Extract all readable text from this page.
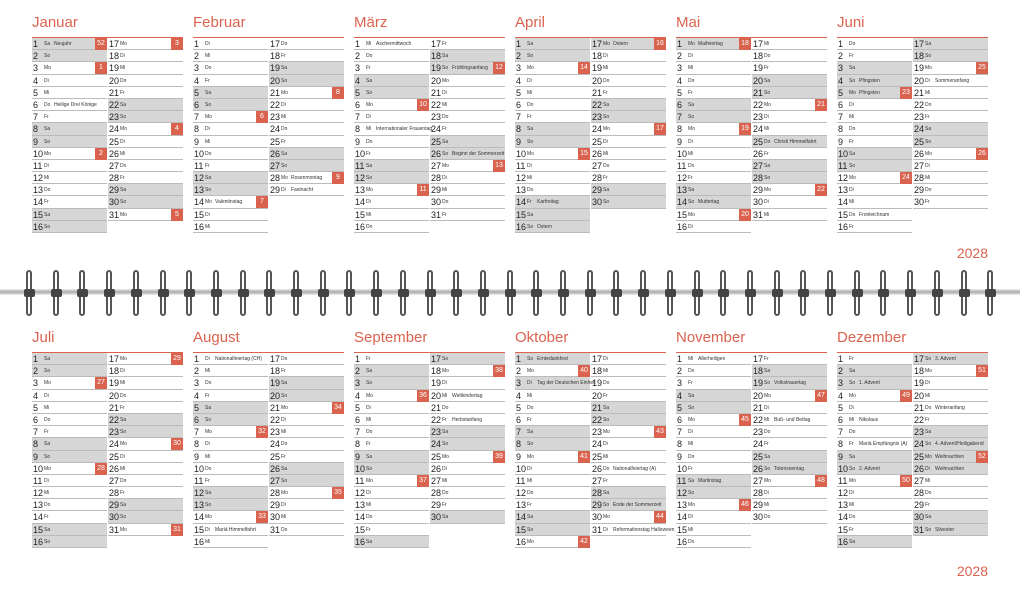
Januar
1 Sa Neujahr	52
2 So
3 Mo	1
4 Di
5 Mi
6 Do Heilige Drei Könige
7 Fr
8 Sa
9 So
10 Mo	2
11 Di
12 Mi
13 Do
14 Fr
15 Sa
16 So
17 Mo	3
18 Di
19 Mi
20 Do
21 Fr
22 Sa
23 So
24 Mo	4
25 Di
26 Mi
27 Do
28 Fr
29 Sa
30 So
31 Mo	5
Februar
1 Di
2 Mi
3 Do
4 Fr
5 Sa
6 So
7 Mo	6
8 Di
9 Mi
10 Do
11 Fr
12 Sa
13 So
14 Mo Valentinstag	7
15 Di
16 Mi
17 Do
18 Fr
19 Sa
20 So
21 Mo	8
22 Di
23 Mi
24 Do
25 Fr
26 Sa
27 So
28 Mo Rosenmontag	9
29 Di Fastnacht
März
1 Mi Aschermittwoch
2 Do
3 Fr
4 Sa
5 So
6 Mo	10
7 Di
8 Mi Internationaler Frauentag
9 Do
10 Fr
11 Sa
12 So
13 Mo	11
14 Di
15 Mi
16 Do
17 Fr
18 Sa
19 So Frühlingsanfang 12
20 Mo
21 Di
22 Mi
23 Do
24 Fr
25 Sa
26 So Beginn der Sommerzeit
27 Mo	13
28 Di
29 Mi
30 Do
31 Fr
April
1 Sa
2 So
3 Mo	14
4 Di
5 Mi
6 Do
7 Fr
8 Sa
9 So
10 Mo	15
11 Di
12 Mi
13 Do
14 Fr Karfreitag
15 Sa
16 So Ostern
17 Mo Ostern	16
18 Di
19 Mi
20 Do
21 Fr
22 Sa
23 So
24 Mo	17
25 Di
26 Mi
27 Do
28 Fr
29 Sa
30 So
Mai
1 Mo Maifeiertag	18
2 Di
3 Mi
4 Do
5 Fr
6 Sa
7 So
8 Mo	19
9 Di
10 Mi
11 Do
12 Fr
13 Sa
14 So Muttertag
15 Mo	20
16 Di
17 Mi
18 Do
19 Fr
20 Sa
21 So
22 Mo	21
23 Di
24 Mi
25 Do Christi Himmelfahrt
26 Fr
27 Sa
28 So
29 Mo	22
30 Di
31 Mi
Juni
1 Do
2 Fr
3 Sa
4 So Pfingsten
5 Mo Pfingsten	23
6 Di
7 Mi
8 Do
9 Fr
10 Sa
11 So
12 Mo	24
13 Di
14 Mi
15 Do Fronleichnam
16 Fr
17 Sa
18 So
19 Mo	25
20 Di Sommeranfang
21 Mi
22 Do
23 Fr
24 Sa
25 So
26 Mo	26
27 Di
28 Mi
29 Do
30 Fr
2028
Juli
1 Sa
2 So
3 Mo	27
4 Di
5 Mi
6 Do
7 Fr
8 Sa
9 So
10 Mo	28
11 Di
12 Mi
13 Do
14 Fr
15 Sa
16 So
17 Mo	29
18 Di
19 Mi
20 Do
21 Fr
22 Sa
23 So
24 Mo	30
25 Di
26 Mi
27 Do
28 Fr
29 Sa
30 So
31 Mo	31
August
1 Di Nationalfeiertag (CH)
2 Mi
3 Do
4 Fr
5 Sa
6 So
7 Mo	32
8 Di
9 Mi
10 Do
11 Fr
12 Sa
13 So
14 Mo	33
15 Di Mariä Himmelfahrt
16 Mi
17 Do
18 Fr
19 Sa
20 So
21 Mo	34
22 Di
23 Mi
24 Do
25 Fr
26 Sa
27 So
28 Mo	35
29 Di
30 Mi
31 Do
September
1 Fr
2 Sa
3 So
4 Mo	36
5 Di
6 Mi
7 Do
8 Fr
9 Sa
10 So
11 Mo	37
12 Di
13 Mi
14 Do
15 Fr
16 Sa
17 So
18 Mo	38
19 Di
20 Mi Weltkindertag
21 Do
22 Fr Herbstanfang
23 Sa
24 So
25 Mo	39
26 Di
27 Mi
28 Do
29 Fr
30 Sa
Oktober
1 So Erntedankfest
2 Mo	40
3 Di Tag der Deutschen Einheit
4 Mi
5 Do
6 Fr
7 Sa
8 So
9 Mo	41
10 Di
11 Mi
12 Do
13 Fr
14 Sa
15 So
16 Mo	42
17 Di
18 Mi
19 Do
20 Fr
21 Sa
22 So
23 Mo	43
24 Di
25 Mi
26 Do Nationalfeiertag (A)
27 Fr
28 Sa
29 So Ende der Sommerzeit
30 Mo	44
31 Di Reformationstag Halloween
November
1 Mi Allerheiligen
2 Do
3 Fr
4 Sa
5 So
6 Mo	45
7 Di
8 Mi
9 Do
10 Fr
11 Sa Martinstag
12 So
13 Mo	46
14 Di
15 Mi
16 Do
17 Fr
18 Sa
19 So Volkstrauertag
20 Mo	47
21 Di
22 Mi Buß- und Bettag
23 Do
24 Fr
25 Sa
26 So Totensonntag
27 Mo	48
28 Di
29 Mi
30 Do
Dezember
1 Fr
2 Sa
3 So 1. Advent
4 Mo	49
5 Di
6 Mi Nikolaus
7 Do
8 Fr Mariä Empfängnis (A)
9 Sa
10 So 2. Advent
11 Mo	50
12 Di
13 Mi
14 Do
15 Fr
16 Sa
17 So 3. Advent
18 Mo	51
19 Di
20 Mi
21 Do Winteranfang
22 Fr
23 Sa
24 So 4. Advent/Heiligabend
25 Mo Weihnachten 52
26 Di Weihnachten
27 Mi
28 Do
29 Fr
30 Sa
31 So Silvester
2028
